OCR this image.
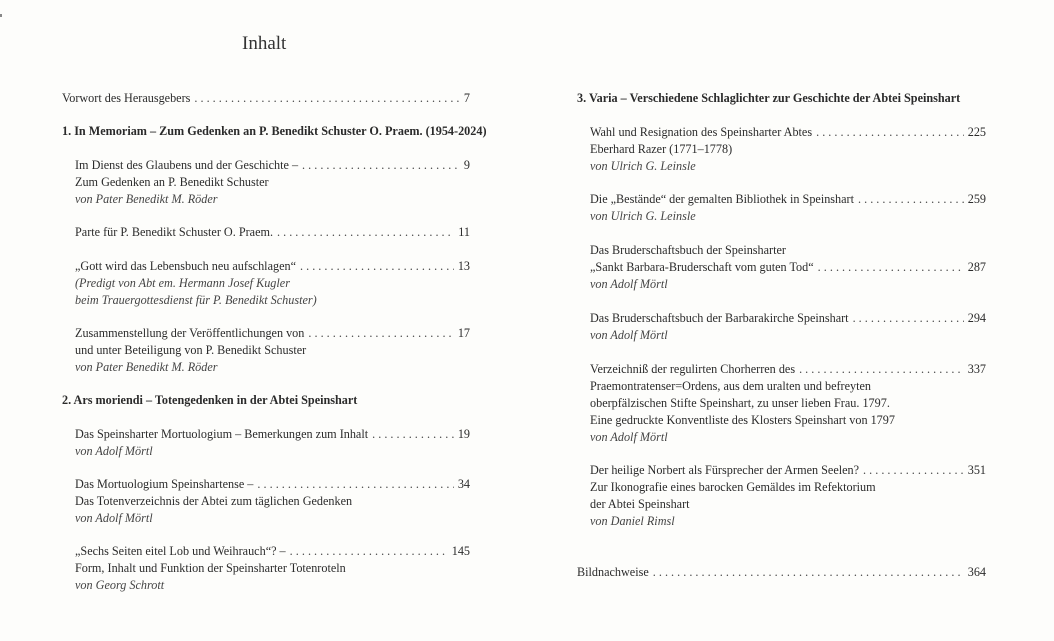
Inhalt
Vorwort des Herausgebers . . .	7
1. In Memoriam – Zum Gedenken an P. Benedikt Schuster O. Praem. (1954-2024)
Im Dienst des Glaubens und der Geschichte – . . .	9
Zum Gedenken an P. Benedikt Schuster
von Pater Benedikt M. Röder
Parte für P. Benedikt Schuster O. Praem. . . .	11
„Gott wird das Lebensbuch neu aufschlagen“ . . .	13
(Predigt von Abt em. Hermann Josef Kugler
beim Trauergottesdienst für P. Benedikt Schuster)
Zusammenstellung der Veröffentlichungen von . . .	17
und unter Beteiligung von P. Benedikt Schuster
von Pater Benedikt M. Röder
2. Ars moriendi – Totengedenken in der Abtei Speinshart
Das Speinsharter Mortuologium – Bemerkungen zum Inhalt . . .	19
von Adolf Mörtl
Das Mortuologium Speinshartense – . . .	34
Das Totenverzeichnis der Abtei zum täglichen Gedenken
von Adolf Mörtl
„Sechs Seiten eitel Lob und Weihrauch“? – . . .	145
Form, Inhalt und Funktion der Speinsharter Totenroteln
von Georg Schrott
3. Varia – Verschiedene Schlaglichter zur Geschichte der Abtei Speinshart
Wahl und Resignation des Speinsharter Abtes . . .	225
Eberhard Razer (1771–1778)
von Ulrich G. Leinsle
Die „Bestände“ der gemalten Bibliothek in Speinshart . . .	259
von Ulrich G. Leinsle
Das Bruderschaftsbuch der Speinsharter
„Sankt Barbara-Bruderschaft vom guten Tod“ . . .	287
von Adolf Mörtl
Das Bruderschaftsbuch der Barbarakirche Speinshart . . .	294
von Adolf Mörtl
Verzeichniß der regulirten Chorherren des . . .	337
Praemontratenser=Ordens, aus dem uralten und befreyten
oberpfälzischen Stifte Speinshart, zu unser lieben Frau. 1797.
Eine gedruckte Konventliste des Klosters Speinshart von 1797
von Adolf Mörtl
Der heilige Norbert als Fürsprecher der Armen Seelen? . . .	351
Zur Ikonografie eines barocken Gemäldes im Refektorium
der Abtei Speinshart
von Daniel Rimsl
Bildnachweise . . .	364
